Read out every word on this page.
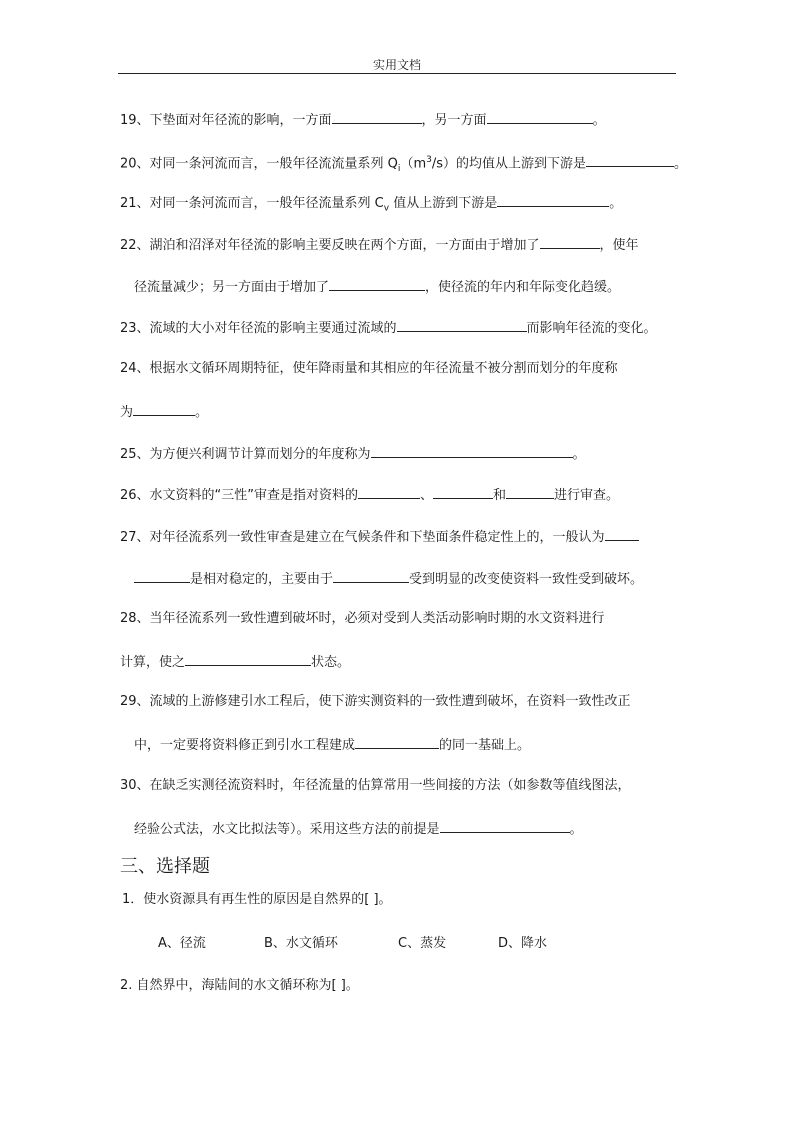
实用文档
19、下垫面对年径流的影响，一方面	，另一方面	。
20、对同一条河流而言，一般年径流流量系列 $Q_i(m^3/s)$的均值从上游到下游是	。
21、对同一条河流而言，一般年径流量系列 $C_v$ 值从上游到下游是	。
22、湖泊和沼泽对年径流的影响主要反映在两个方面，一方面由于增加了	，使年
径流量减少；另一方面由于增加了	，使径流的年内和年际变化趋缓。
23、流域的大小对年径流的影响主要通过流域的	而影响年径流的变化。
24、根据水文循环周期特征，使年降雨量和其相应的年径流量不被分割而划分的年度称
为	。
25、为方便兴利调节计算而划分的年度称为	。
26、水文资料的“三性”审查是指对资料的	、	和	进行审查。
27、对年径流系列一致性审查是建立在气候条件和下垫面条件稳定性上的，一般认为
是相对稳定的，主要由于	受到明显的改变使资料一致性受到破坏。
28、当年径流系列一致性遭到破坏时，必须对受到人类活动影响时期的水文资料进行
计算，使之	状态。
29、流域的上游修建引水工程后，使下游实测资料的一致性遭到破坏，在资料一致性改正
中，一定要将资料修正到引水工程建成	的同一基础上。
30、在缺乏实测径流资料时，年径流量的估算常用一些间接的方法（如参数等值线图法，
经验公式法，水文比拟法等）。采用这些方法的前提是	。
三、选择题
1．使水资源具有再生性的原因是自然界的[ ]。
A、径流	B、水文循环	C、蒸发	D、降水
2. 自然界中，海陆间的水文循环称为[ ]。
